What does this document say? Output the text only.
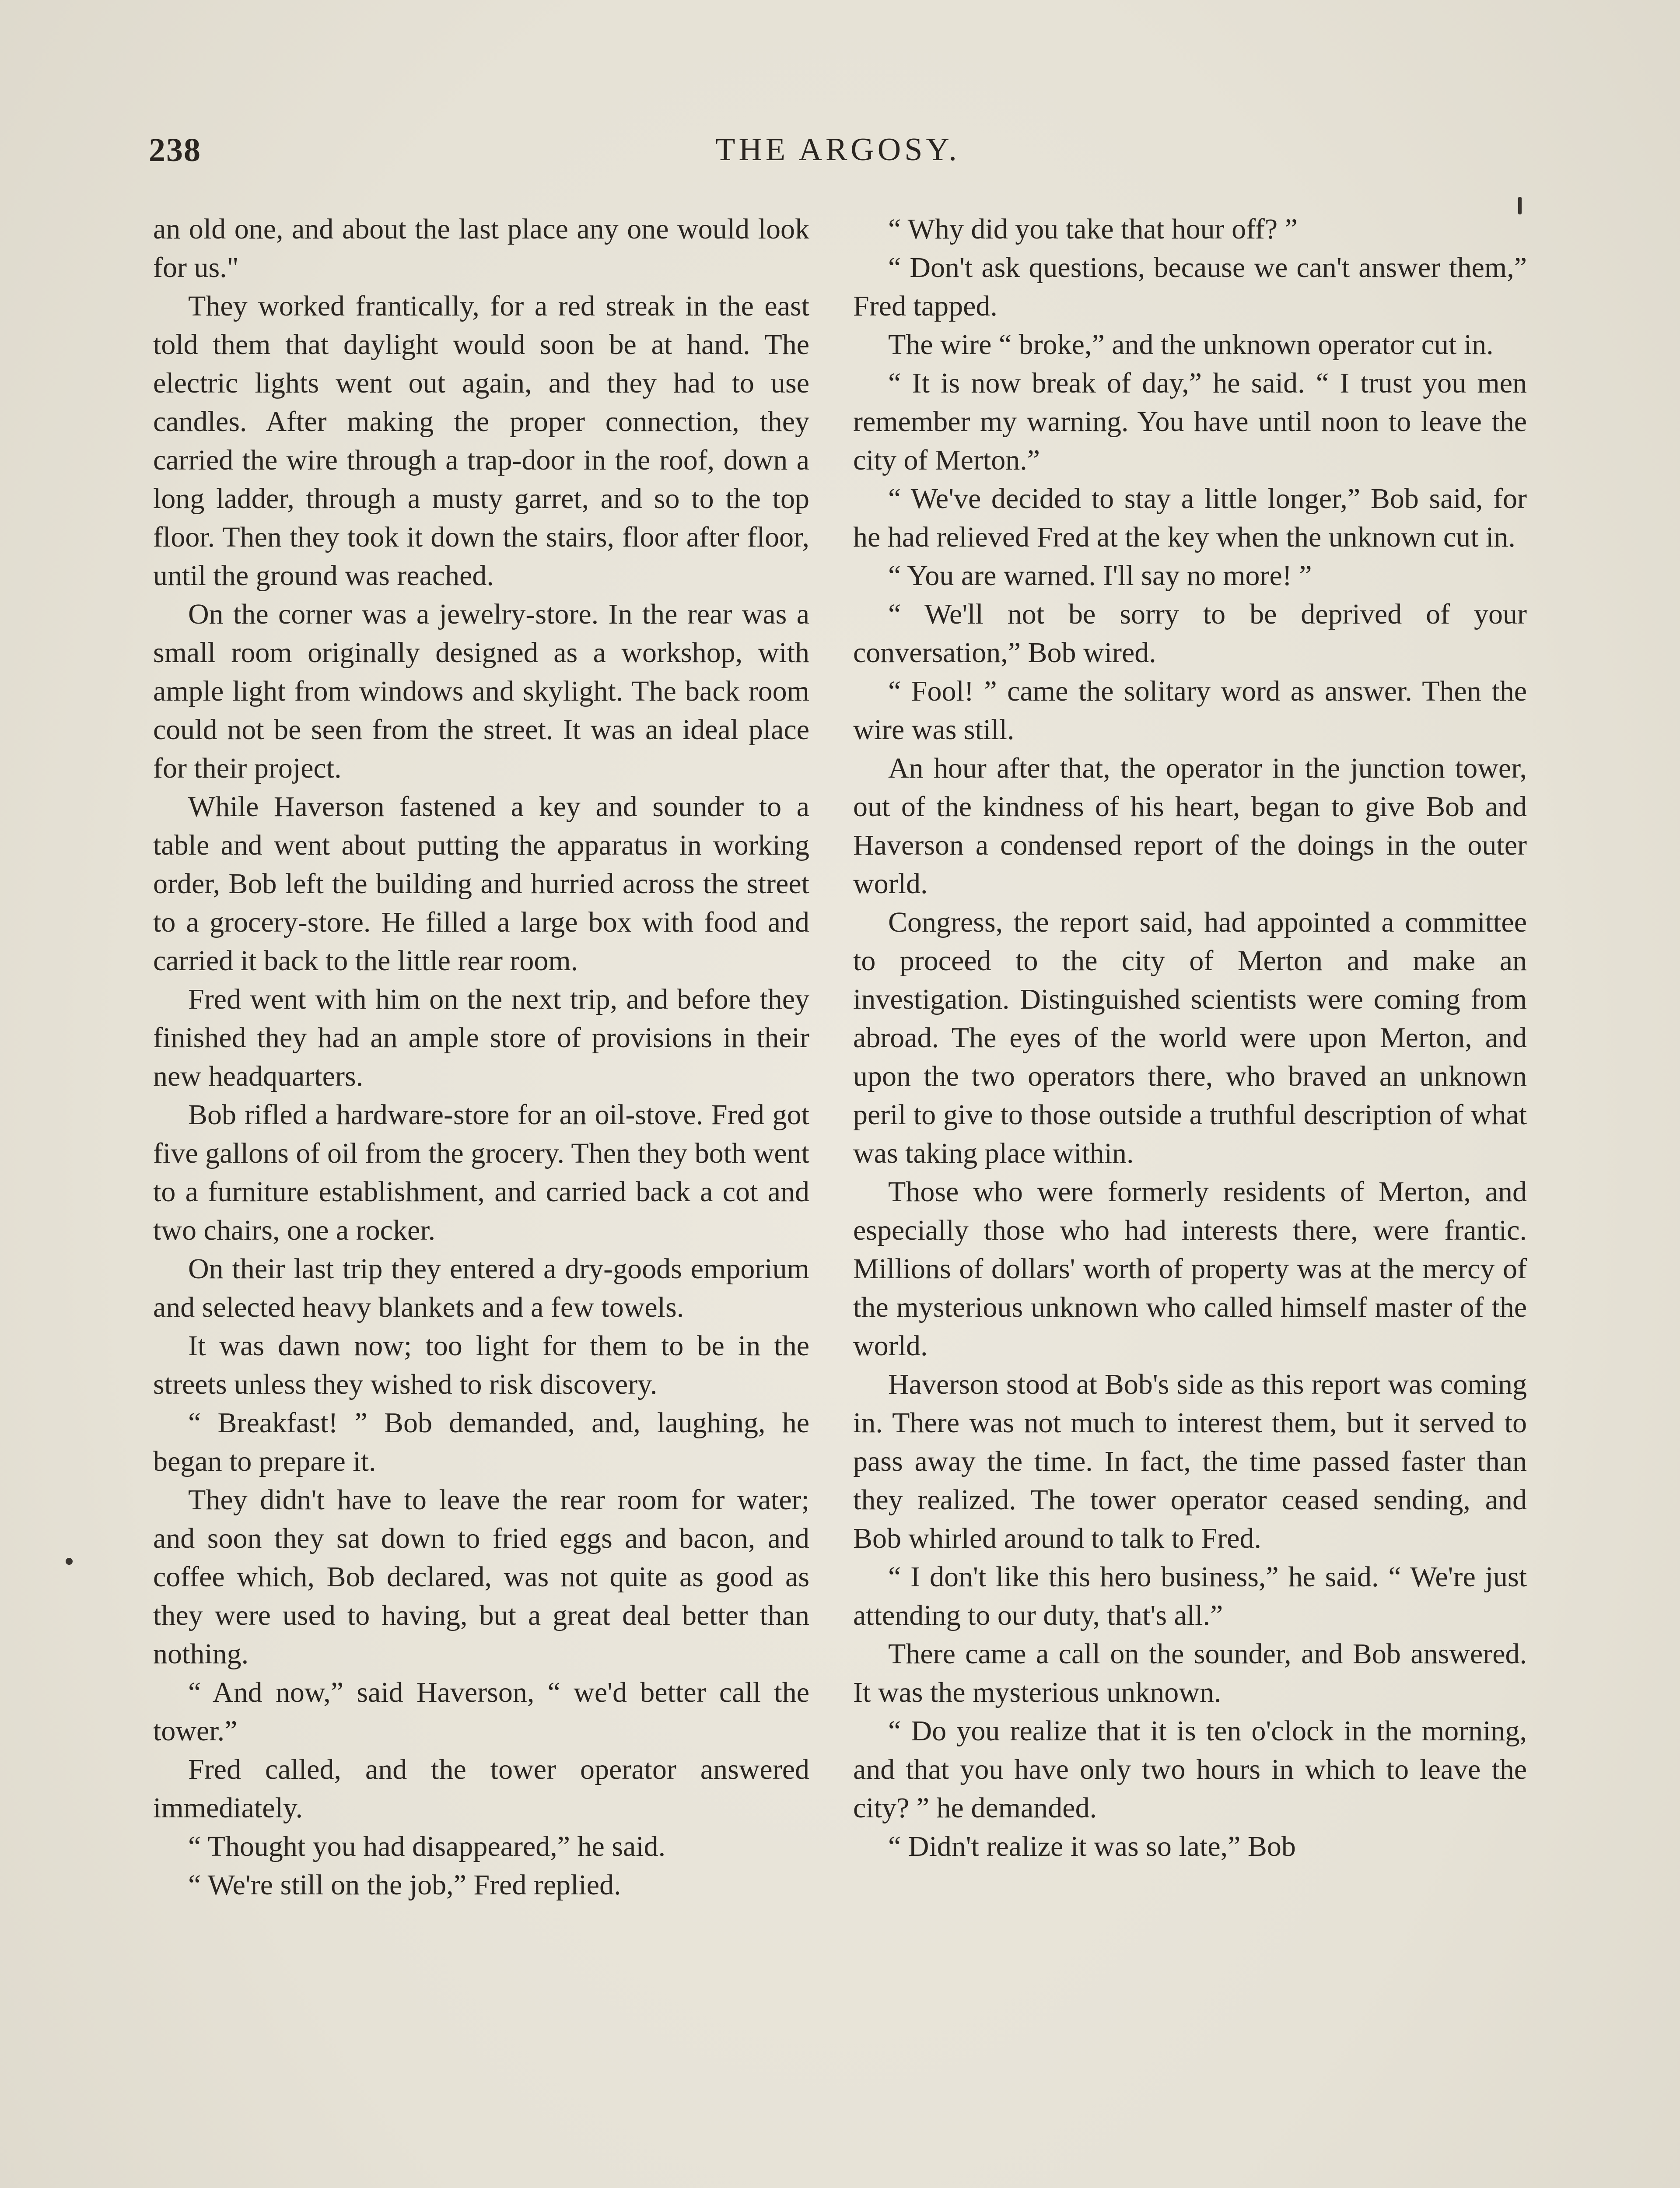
238	THE ARGOSY.

an old one, and about the last place any one would look for us."

They worked frantically, for a red streak in the east told them that daylight would soon be at hand. The electric lights went out again, and they had to use candles. After making the proper connection, they carried the wire through a trap-door in the roof, down a long ladder, through a musty garret, and so to the top floor. Then they took it down the stairs, floor after floor, until the ground was reached.

On the corner was a jewelry-store. In the rear was a small room originally designed as a workshop, with ample light from windows and skylight. The back room could not be seen from the street. It was an ideal place for their project.

While Haverson fastened a key and sounder to a table and went about putting the apparatus in working order, Bob left the building and hurried across the street to a grocery-store. He filled a large box with food and carried it back to the little rear room.

Fred went with him on the next trip, and before they finished they had an ample store of provisions in their new headquarters.

Bob rifled a hardware-store for an oil-stove. Fred got five gallons of oil from the grocery. Then they both went to a furniture establishment, and carried back a cot and two chairs, one a rocker.

On their last trip they entered a dry-goods emporium and selected heavy blankets and a few towels.

It was dawn now; too light for them to be in the streets unless they wished to risk discovery.

“ Breakfast! ” Bob demanded, and, laughing, he began to prepare it.

They didn't have to leave the rear room for water; and soon they sat down to fried eggs and bacon, and coffee which, Bob declared, was not quite as good as they were used to having, but a great deal better than nothing.

“ And now,” said Haverson, “ we'd better call the tower.”

Fred called, and the tower operator answered immediately.

“ Thought you had disappeared,” he said.

“ We're still on the job,” Fred replied.

“ Why did you take that hour off? ”

“ Don't ask questions, because we can't answer them,” Fred tapped.

The wire “ broke,” and the unknown operator cut in.

“ It is now break of day,” he said. “ I trust you men remember my warning. You have until noon to leave the city of Merton.”

“ We've decided to stay a little longer,” Bob said, for he had relieved Fred at the key when the unknown cut in.

“ You are warned. I'll say no more! ”

“ We'll not be sorry to be deprived of your conversation,” Bob wired.

“ Fool! ” came the solitary word as answer. Then the wire was still.

An hour after that, the operator in the junction tower, out of the kindness of his heart, began to give Bob and Haverson a condensed report of the doings in the outer world.

Congress, the report said, had appointed a committee to proceed to the city of Merton and make an investigation. Distinguished scientists were coming from abroad. The eyes of the world were upon Merton, and upon the two operators there, who braved an unknown peril to give to those outside a truthful description of what was taking place within.

Those who were formerly residents of Merton, and especially those who had interests there, were frantic. Millions of dollars' worth of property was at the mercy of the mysterious unknown who called himself master of the world.

Haverson stood at Bob's side as this report was coming in. There was not much to interest them, but it served to pass away the time. In fact, the time passed faster than they realized. The tower operator ceased sending, and Bob whirled around to talk to Fred.

“ I don't like this hero business,” he said. “ We're just attending to our duty, that's all.”

There came a call on the sounder, and Bob answered. It was the mysterious unknown.

“ Do you realize that it is ten o'clock in the morning, and that you have only two hours in which to leave the city? ” he demanded.

“ Didn't realize it was so late,” Bob
